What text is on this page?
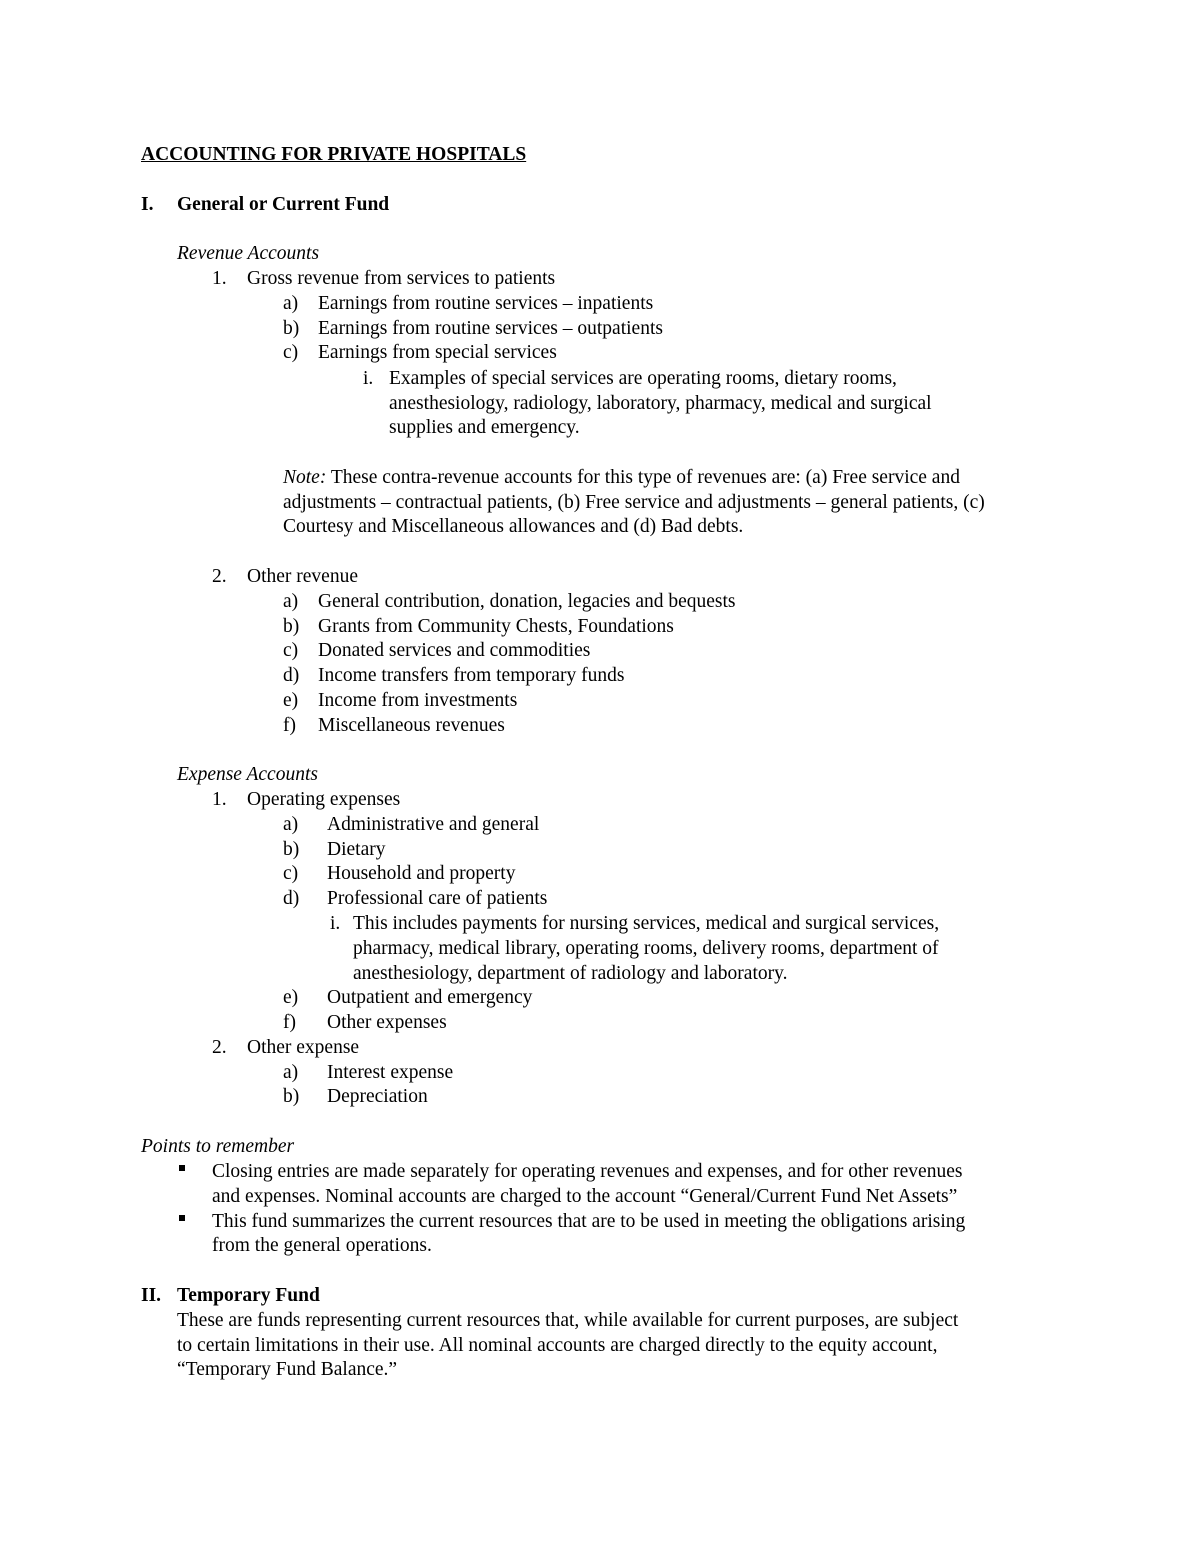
ACCOUNTING FOR PRIVATE HOSPITALS
I. General or Current Fund
Revenue Accounts
1. Gross revenue from services to patients
a) Earnings from routine services – inpatients
b) Earnings from routine services – outpatients
c) Earnings from special services
i. Examples of special services are operating rooms, dietary rooms,
anesthesiology, radiology, laboratory, pharmacy, medical and surgical
supplies and emergency.
Note: These contra-revenue accounts for this type of revenues are: (a) Free service and
adjustments – contractual patients, (b) Free service and adjustments – general patients, (c)
Courtesy and Miscellaneous allowances and (d) Bad debts.
2. Other revenue
a) General contribution, donation, legacies and bequests
b) Grants from Community Chests, Foundations
c) Donated services and commodities
d) Income transfers from temporary funds
e) Income from investments
f) Miscellaneous revenues
Expense Accounts
1. Operating expenses
a) Administrative and general
b) Dietary
c) Household and property
d) Professional care of patients
i. This includes payments for nursing services, medical and surgical services,
pharmacy, medical library, operating rooms, delivery rooms, department of
anesthesiology, department of radiology and laboratory.
e) Outpatient and emergency
f) Other expenses
2. Other expense
a) Interest expense
b) Depreciation
Points to remember
Closing entries are made separately for operating revenues and expenses, and for other revenues
and expenses. Nominal accounts are charged to the account “General/Current Fund Net Assets”
This fund summarizes the current resources that are to be used in meeting the obligations arising
from the general operations.
II. Temporary Fund
These are funds representing current resources that, while available for current purposes, are subject
to certain limitations in their use. All nominal accounts are charged directly to the equity account,
“Temporary Fund Balance.”
